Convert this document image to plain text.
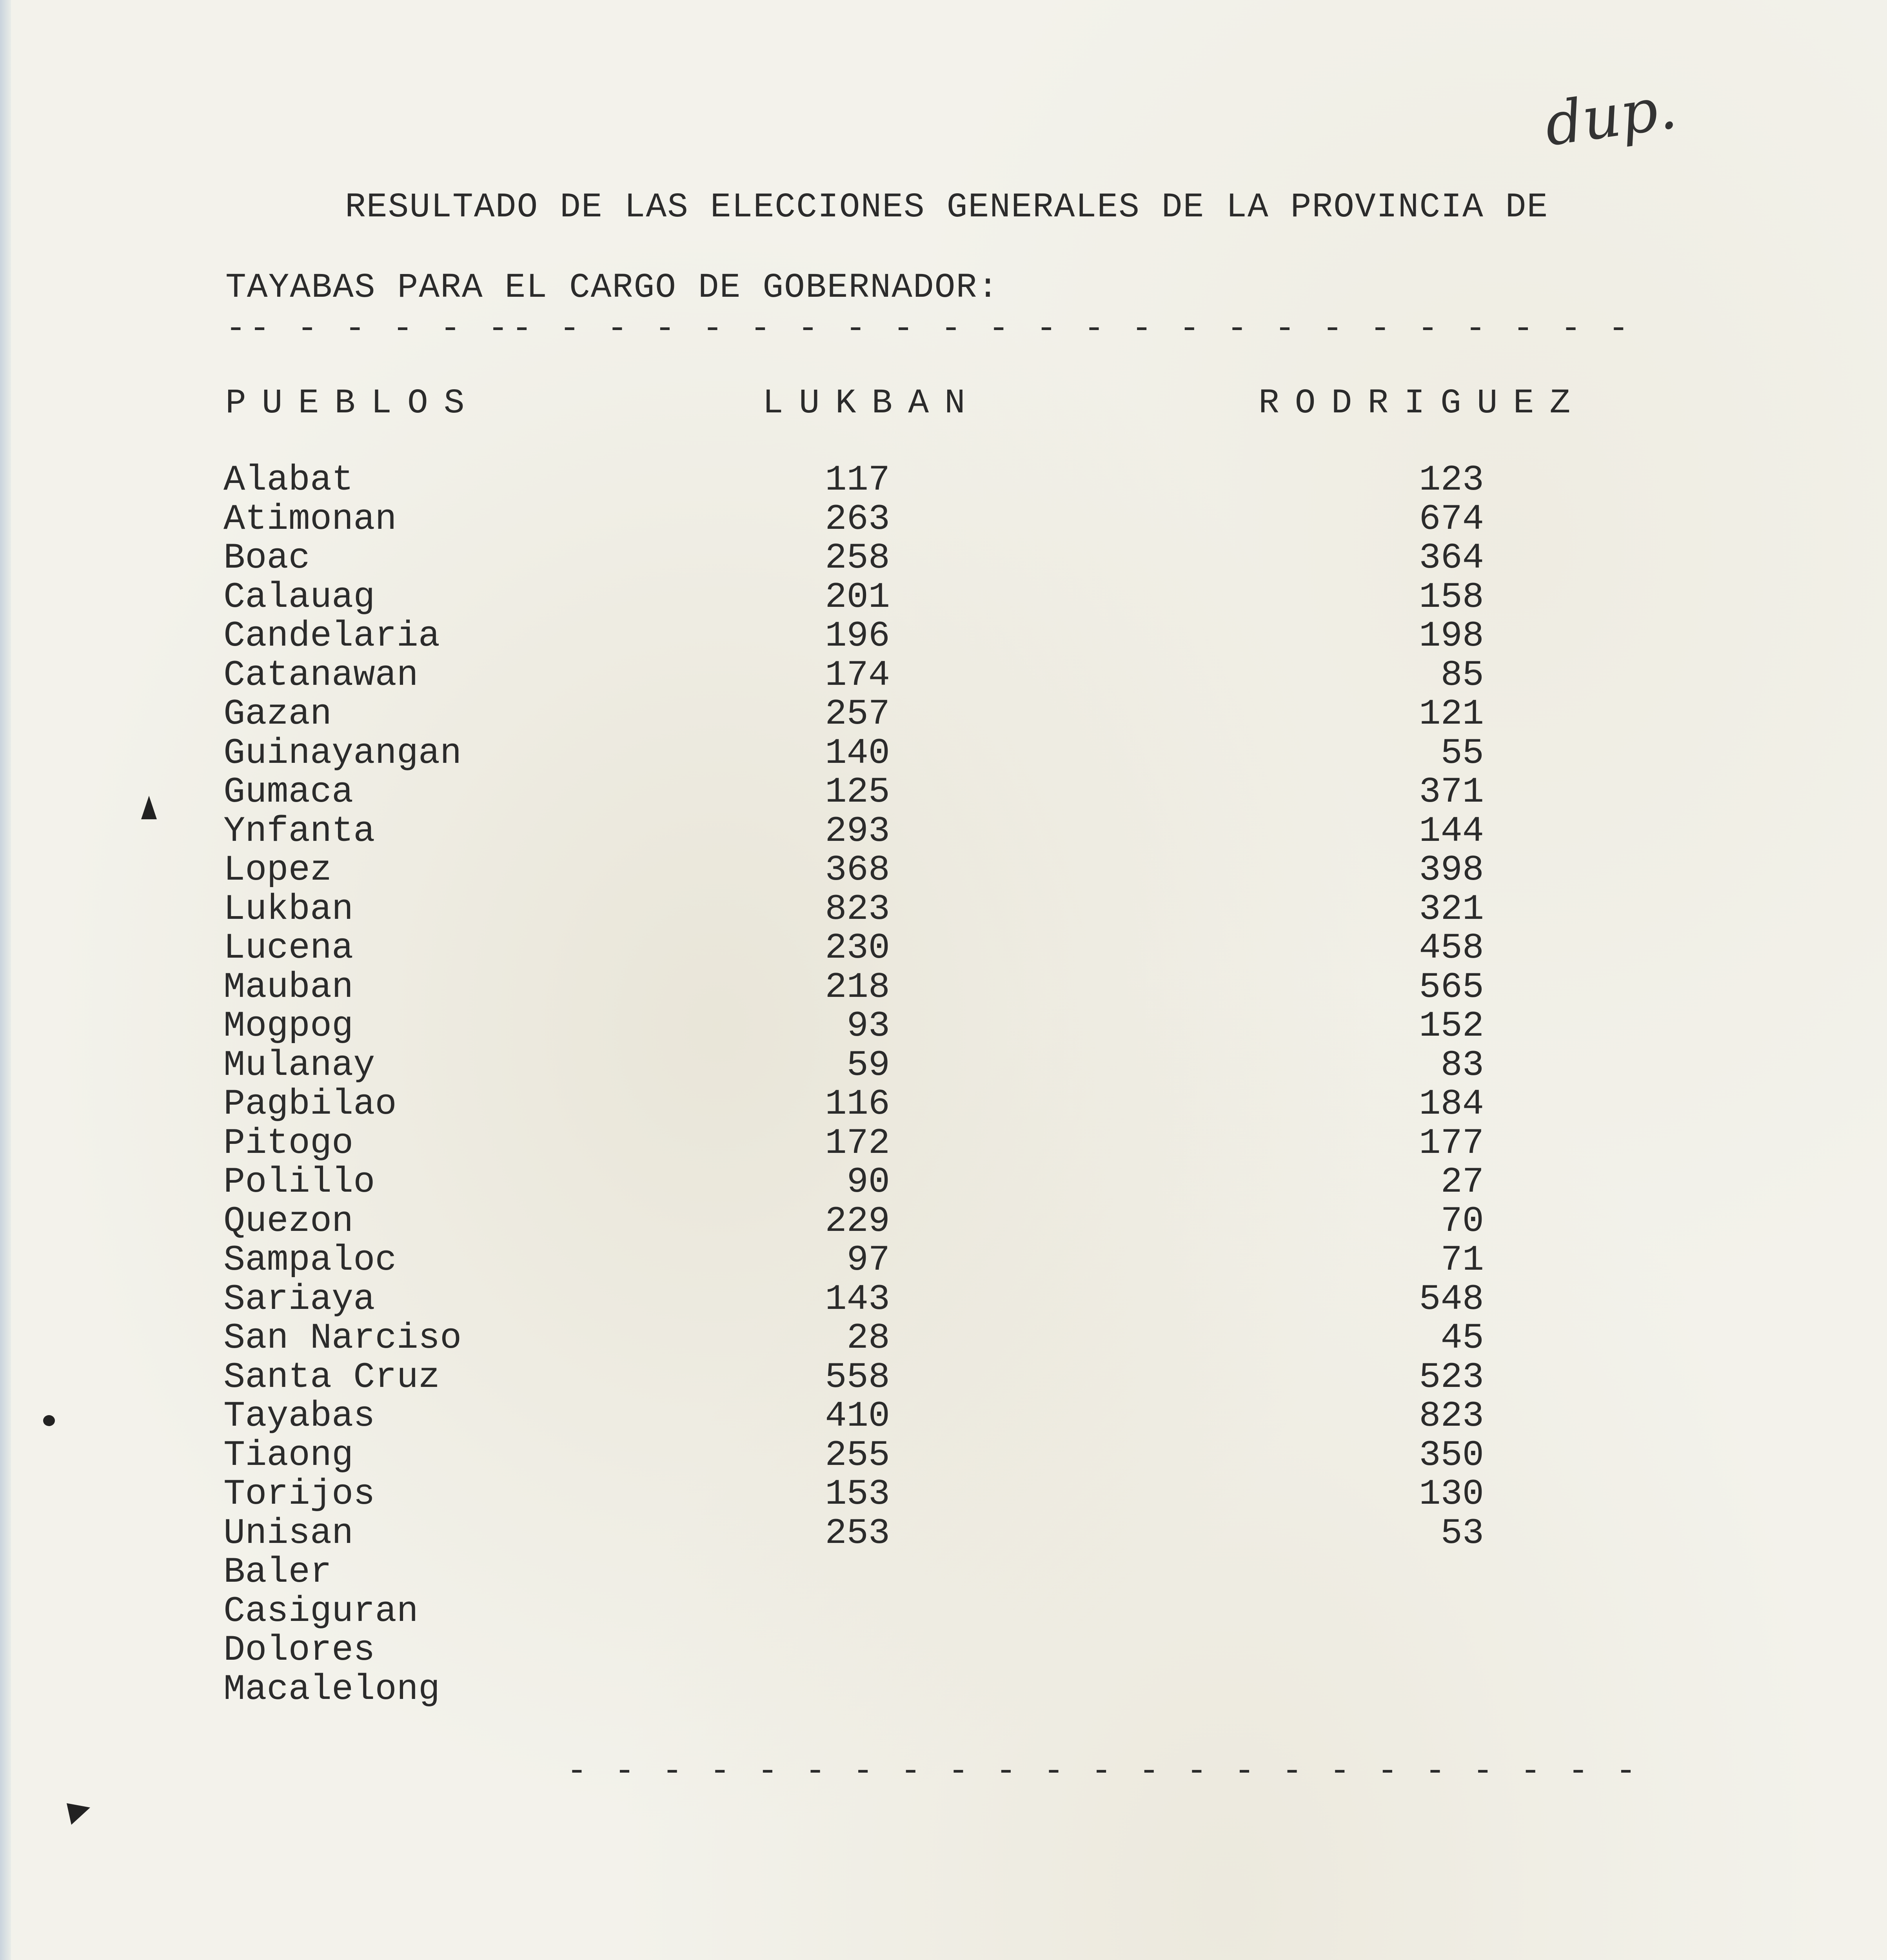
dup.
RESULTADO DE LAS ELECCIONES GENERALES DE LA PROVINCIA DE
TAYABAS PARA EL CARGO DE GOBERNADOR:
-- - - - - -- - - - - - - - - - - - - - - - - - - - - - - -
PUEBLOS	LUKBAN	RODRIGUEZ
Alabat	117	123
Atimonan	263	674
Boac	258	364
Calauag	201	158
Candelaria	196	198
Catanawan	174	85
Gazan	257	121
Guinayangan	140	55
Gumaca	125	371
Ynfanta	293	144
Lopez	368	398
Lukban	823	321
Lucena	230	458
Mauban	218	565
Mogpog	93	152
Mulanay	59	83
Pagbilao	116	184
Pitogo	172	177
Polillo	90	27
Quezon	229	70
Sampaloc	97	71
Sariaya	143	548
San Narciso	28	45
Santa Cruz	558	523
Tayabas	410	823
Tiaong	255	350
Torijos	153	130
Unisan	253	53
Baler
Casiguran
Dolores
Macalelong
- - - - - - - - - - - - - - - - - - - - - - -
